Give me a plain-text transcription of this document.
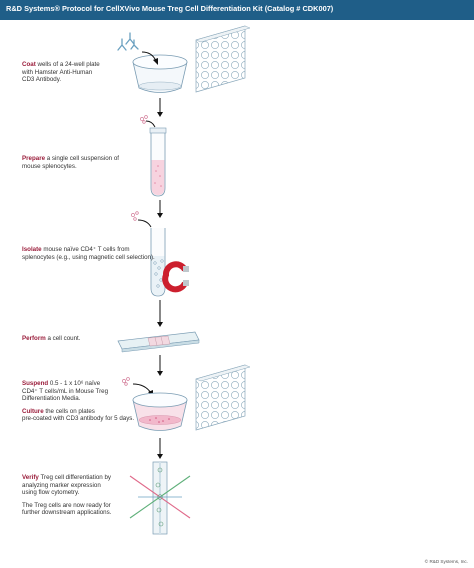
R&D Systems® Protocol for CellXVivo Mouse Treg Cell Differentiation Kit (Catalog # CDK007)

Coat wells of a 24-well plate

with Hamster Anti-Human

CD3 Antibody.

Prepare a single cell suspension of

mouse splenocytes.

Isolate mouse naïve CD4⁺ T cells from

splenocytes (e.g., using magnetic cell selection).

Perform a cell count.

Suspend 0.5 - 1 x 10⁶ naïve

CD4⁺ T cells/mL in Mouse Treg

Differentiation Media.

Culture the cells on plates

pre-coated with CD3 antibody for 5 days.

Verify Treg cell differentiation by

analyzing marker expression

using flow cytometry.

The Treg cells are now ready for

further downstream applications.

© R&D Systems, Inc.
